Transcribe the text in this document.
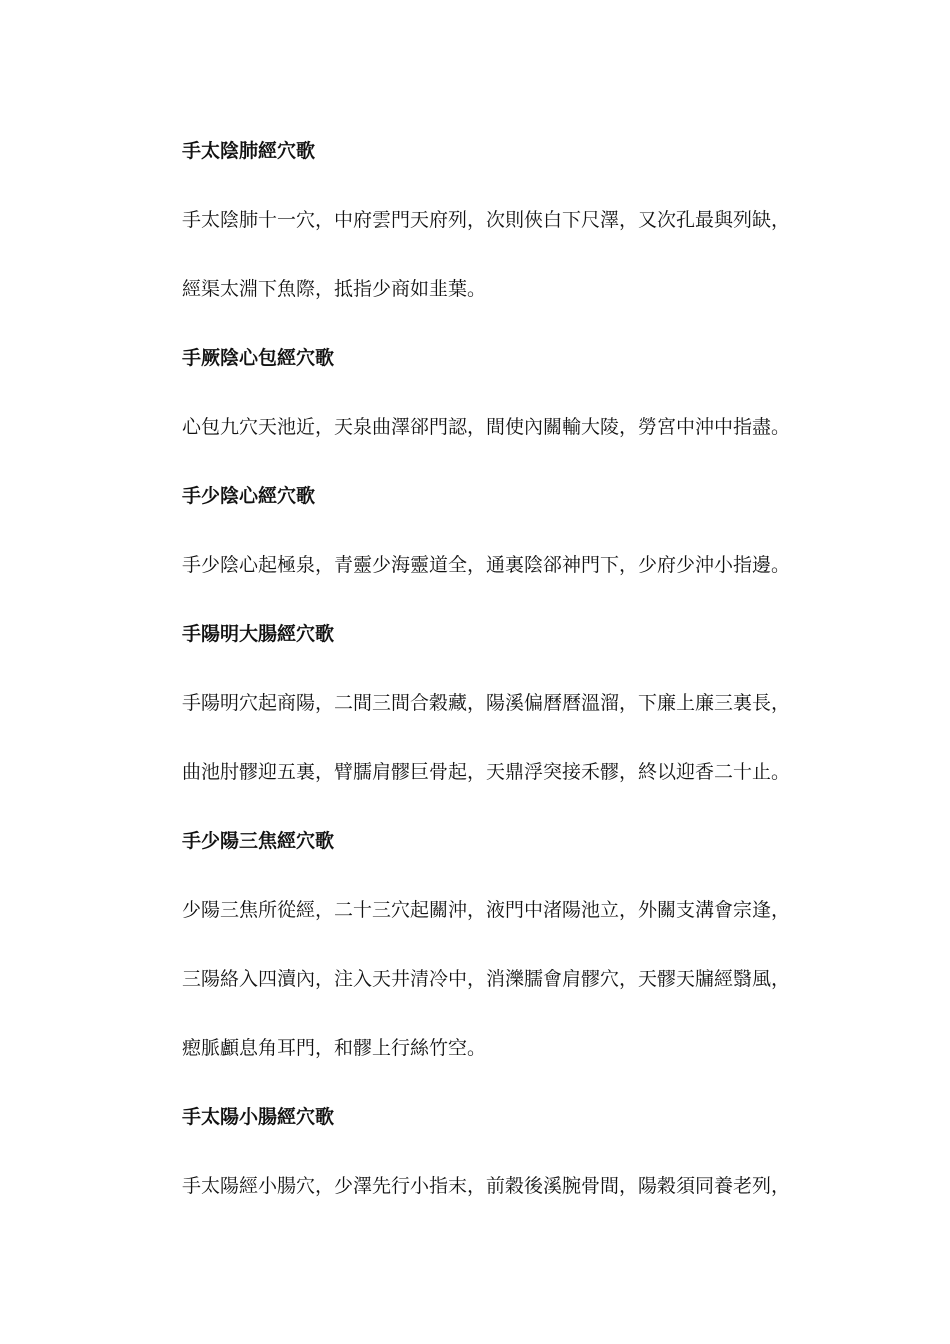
手太陰肺經穴歌
手太陰肺十一穴，中府雲門天府列，次則俠白下尺澤，又次孔最與列缺，
經渠太淵下魚際，抵指少商如韭葉。
手厥陰心包經穴歌
心包九穴天池近，天泉曲澤郤門認，間使內關輸大陵，勞宮中沖中指盡。
手少陰心經穴歌
手少陰心起極泉，青靈少海靈道全，通裏陰郤神門下，少府少沖小指邊。
手陽明大腸經穴歌
手陽明穴起商陽，二間三間合穀藏，陽溪偏曆曆溫溜，下廉上廉三裏長，
曲池肘髎迎五裏，臂臑肩髎巨骨起，天鼎浮突接禾髎，終以迎香二十止。
手少陽三焦經穴歌
少陽三焦所從經，二十三穴起關沖，液門中渚陽池立，外關支溝會宗逢，
三陽絡入四瀆內，注入天井清冷中，消濼臑會肩髎穴，天髎天牖經翳風，
瘛脈顱息角耳門，和髎上行絲竹空。
手太陽小腸經穴歌
手太陽經小腸穴，少澤先行小指末，前穀後溪腕骨間，陽穀須同養老列，
